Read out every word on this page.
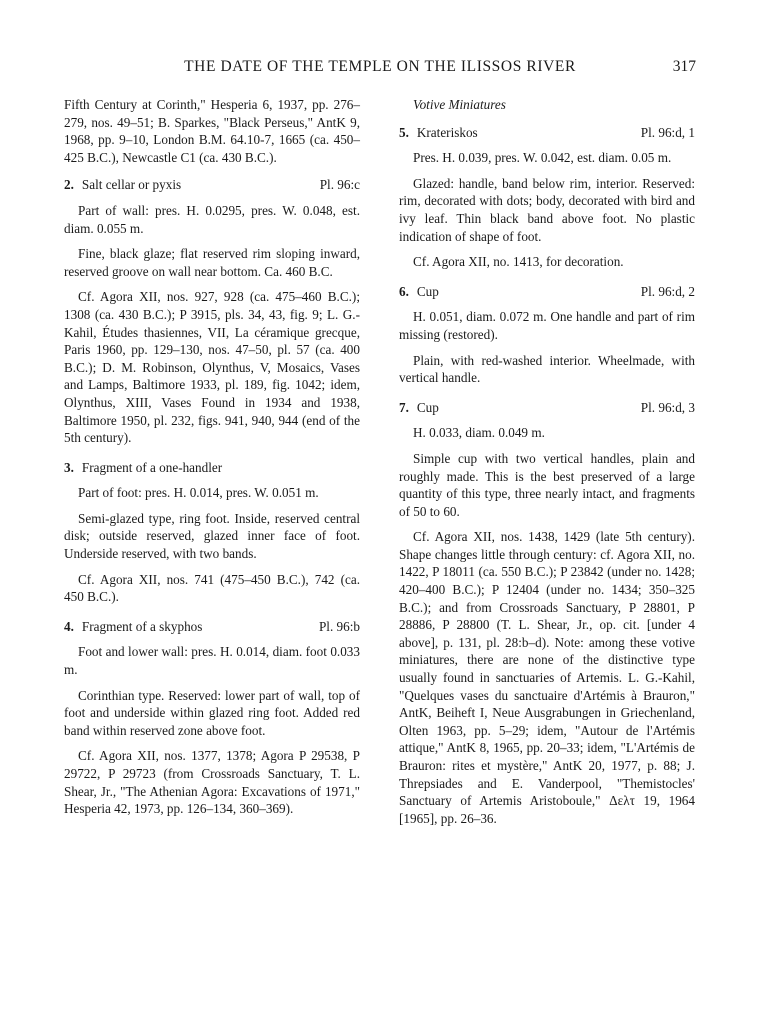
THE DATE OF THE TEMPLE ON THE ILISSOS RIVER	317

Fifth Century at Corinth," Hesperia 6, 1937, pp. 276–279, nos. 49–51; B. Sparkes, "Black Perseus," AntK 9, 1968, pp. 9–10, London B.M. 64.10-7, 1665 (ca. 450–425 B.C.), Newcastle C1 (ca. 430 B.C.).

2. Salt cellar or pyxis	Pl. 96:c

Part of wall: pres. H. 0.0295, pres. W. 0.048, est. diam. 0.055 m.

Fine, black glaze; flat reserved rim sloping inward, reserved groove on wall near bottom. Ca. 460 B.C.

Cf. Agora XII, nos. 927, 928 (ca. 475–460 B.C.); 1308 (ca. 430 B.C.); P 3915, pls. 34, 43, fig. 9; L. G.-Kahil, Études thasiennes, VII, La céramique grecque, Paris 1960, pp. 129–130, nos. 47–50, pl. 57 (ca. 400 B.C.); D. M. Robinson, Olynthus, V, Mosaics, Vases and Lamps, Baltimore 1933, pl. 189, fig. 1042; idem, Olynthus, XIII, Vases Found in 1934 and 1938, Baltimore 1950, pl. 232, figs. 941, 940, 944 (end of the 5th century).

3. Fragment of a one-handler

Part of foot: pres. H. 0.014, pres. W. 0.051 m.

Semi-glazed type, ring foot. Inside, reserved central disk; outside reserved, glazed inner face of foot. Underside reserved, with two bands.

Cf. Agora XII, nos. 741 (475–450 B.C.), 742 (ca. 450 B.C.).

4. Fragment of a skyphos	Pl. 96:b

Foot and lower wall: pres. H. 0.014, diam. foot 0.033 m.

Corinthian type. Reserved: lower part of wall, top of foot and underside within glazed ring foot. Added red band within reserved zone above foot.

Cf. Agora XII, nos. 1377, 1378; Agora P 29538, P 29722, P 29723 (from Crossroads Sanctuary, T. L. Shear, Jr., "The Athenian Agora: Excavations of 1971," Hesperia 42, 1973, pp. 126–134, 360–369).

Votive Miniatures
5. Krateriskos	Pl. 96:d, 1

Pres. H. 0.039, pres. W. 0.042, est. diam. 0.05 m.

Glazed: handle, band below rim, interior. Reserved: rim, decorated with dots; body, decorated with bird and ivy leaf. Thin black band above foot. No plastic indication of shape of foot.

Cf. Agora XII, no. 1413, for decoration.

6. Cup	Pl. 96:d, 2

H. 0.051, diam. 0.072 m. One handle and part of rim missing (restored).

Plain, with red-washed interior. Wheelmade, with vertical handle.

7. Cup	Pl. 96:d, 3

H. 0.033, diam. 0.049 m.

Simple cup with two vertical handles, plain and roughly made. This is the best preserved of a large quantity of this type, three nearly intact, and fragments of 50 to 60.

Cf. Agora XII, nos. 1438, 1429 (late 5th century). Shape changes little through century: cf. Agora XII, no. 1422, P 18011 (ca. 550 B.C.); P 23842 (under no. 1428; 420–400 B.C.); P 12404 (under no. 1434; 350–325 B.C.); and from Crossroads Sanctuary, P 28801, P 28886, P 28800 (T. L. Shear, Jr., op. cit. [under 4 above], p. 131, pl. 28:b–d). Note: among these votive miniatures, there are none of the distinctive type usually found in sanctuaries of Artemis. L. G.-Kahil, "Quelques vases du sanctuaire d'Artémis à Brauron," AntK, Beiheft I, Neue Ausgrabungen in Griechenland, Olten 1963, pp. 5–29; idem, "Autour de l'Artémis attique," AntK 8, 1965, pp. 20–33; idem, "L'Artémis de Brauron: rites et mystère," AntK 20, 1977, p. 88; J. Threpsiades and E. Vanderpool, "Themistocles' Sanctuary of Artemis Aristoboule," Δελτ 19, 1964 [1965], pp. 26–36.
